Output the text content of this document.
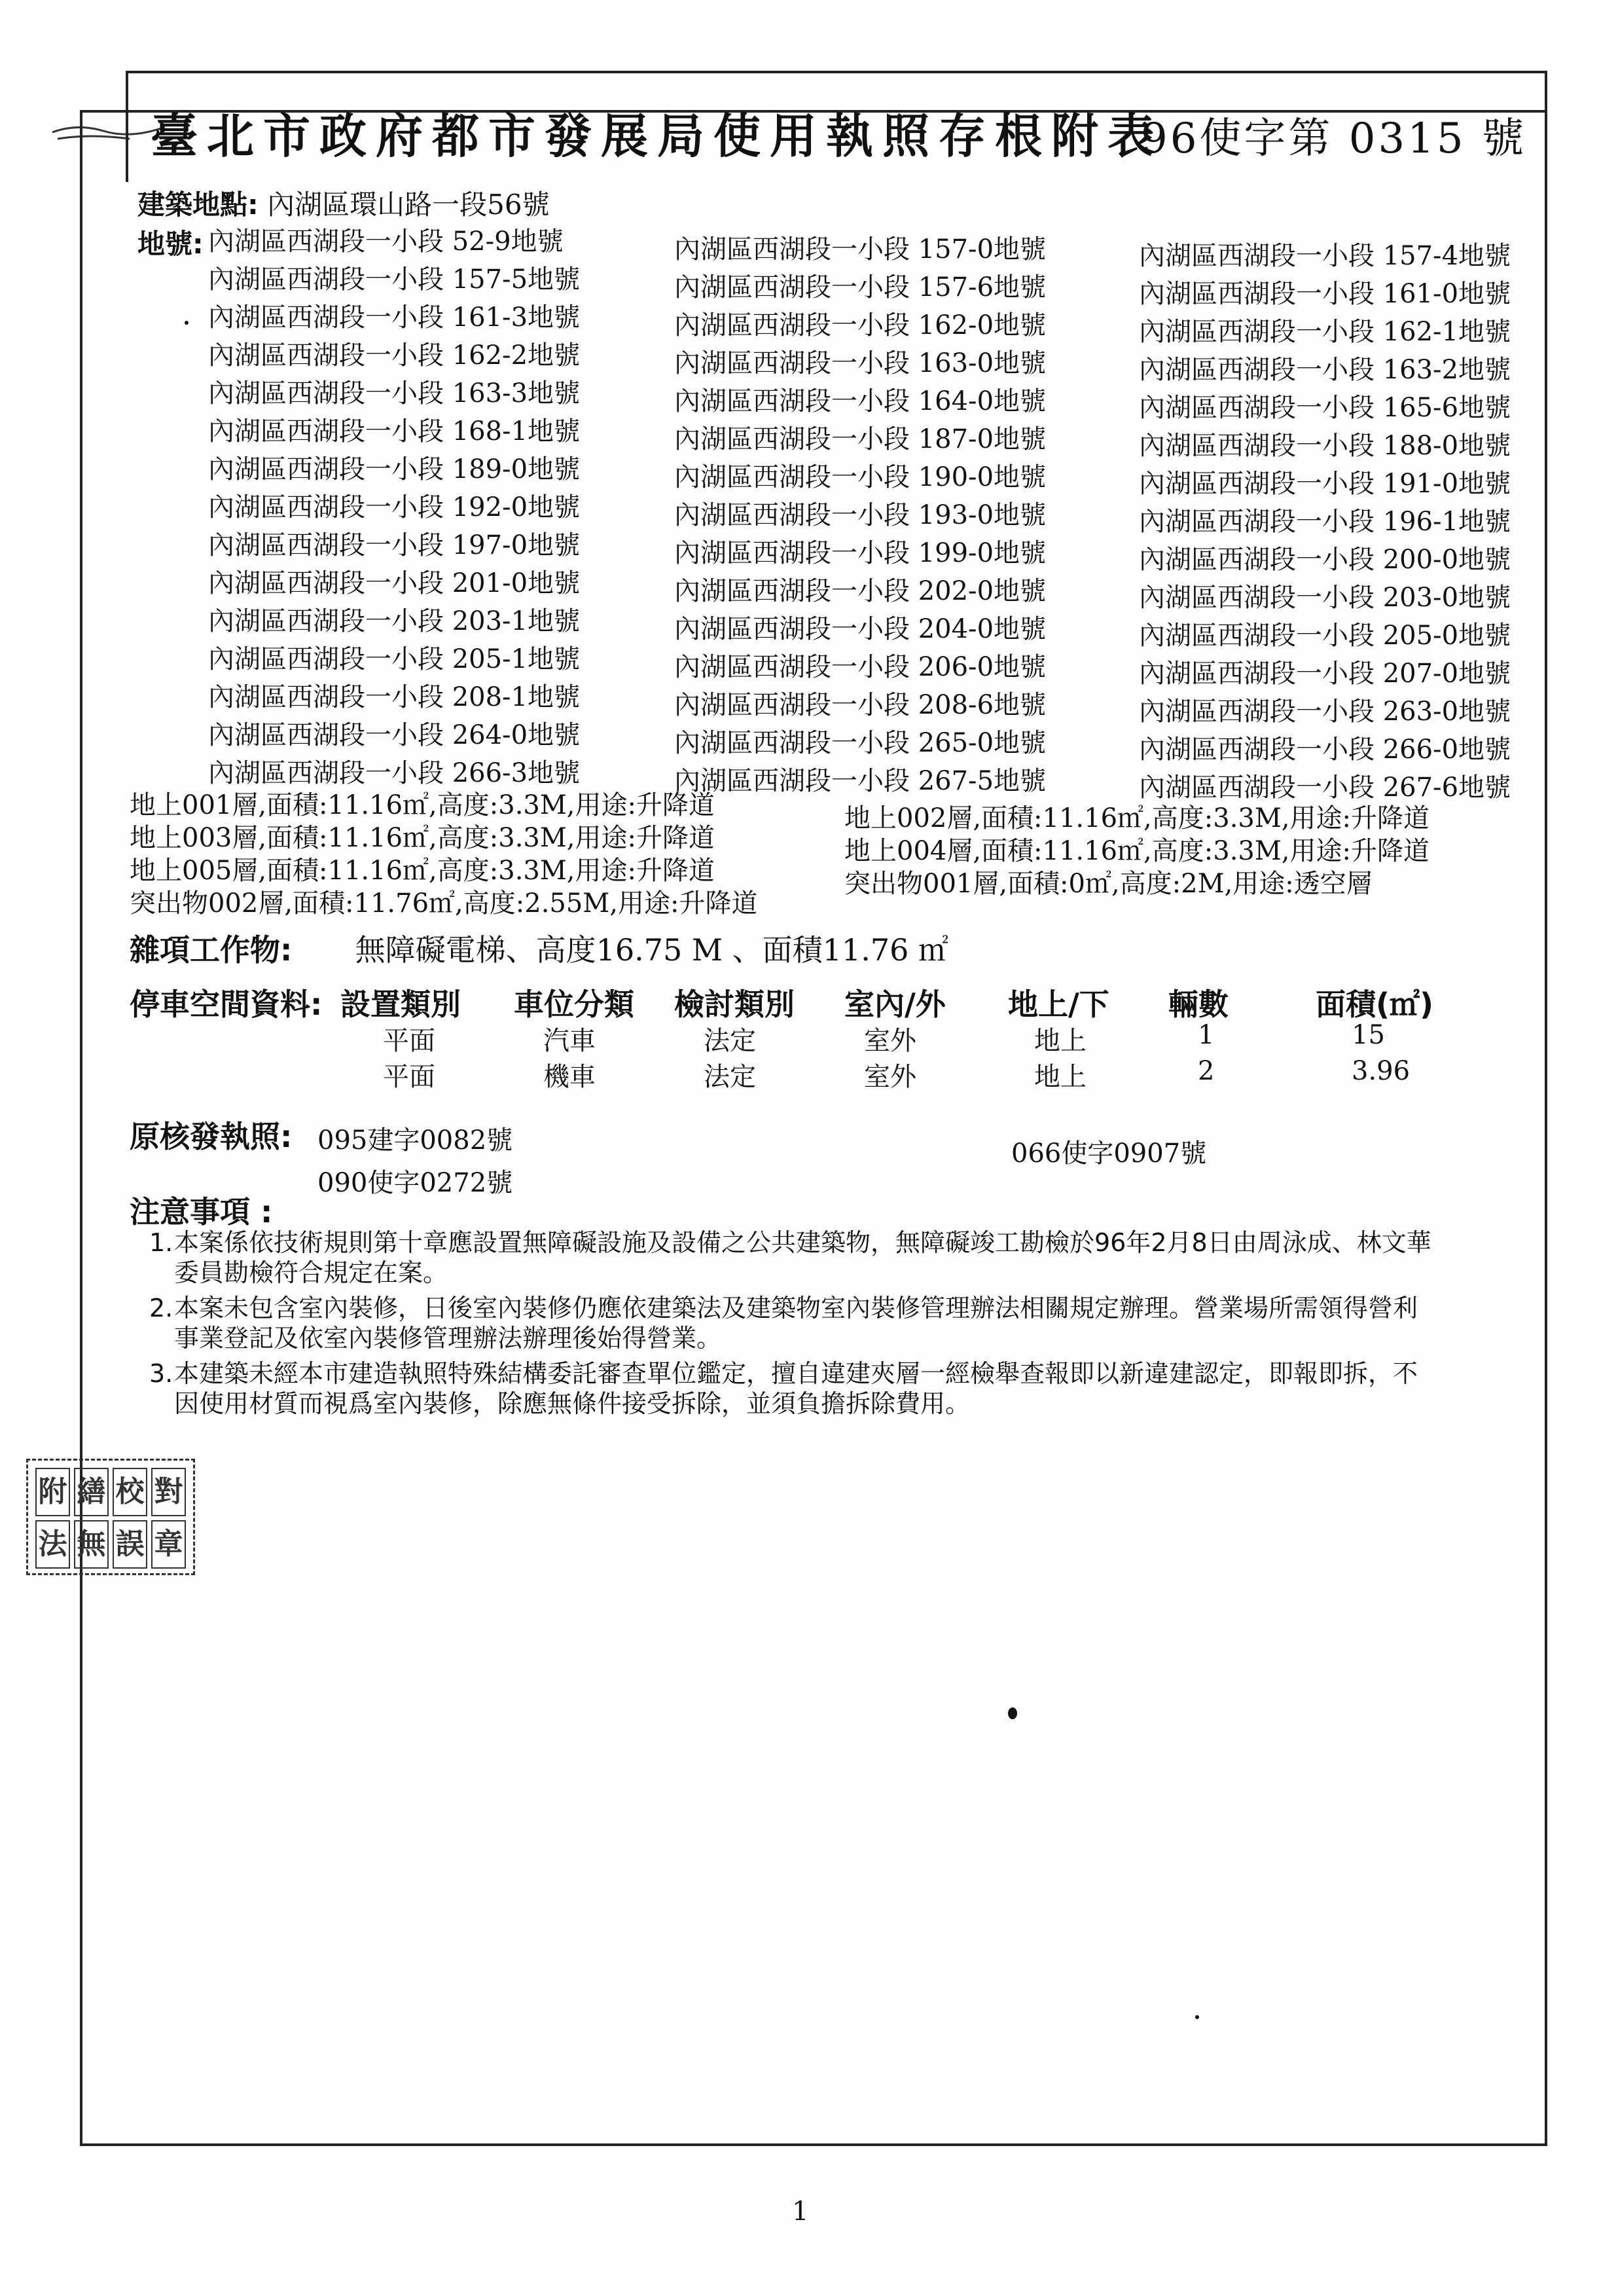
臺北市政府都市發展局使用執照存根附表
96使字第 0315 號
建築地點: 內湖區環山路一段56號
地號: 內湖區西湖段一小段 52-9地號
內湖區西湖段一小段 157-5地號
內湖區西湖段一小段 161-3地號
內湖區西湖段一小段 162-2地號
內湖區西湖段一小段 163-3地號
內湖區西湖段一小段 168-1地號
內湖區西湖段一小段 189-0地號
內湖區西湖段一小段 192-0地號
內湖區西湖段一小段 197-0地號
內湖區西湖段一小段 201-0地號
內湖區西湖段一小段 203-1地號
內湖區西湖段一小段 205-1地號
內湖區西湖段一小段 208-1地號
內湖區西湖段一小段 264-0地號
內湖區西湖段一小段 266-3地號
內湖區西湖段一小段 157-0地號
內湖區西湖段一小段 157-6地號
內湖區西湖段一小段 162-0地號
內湖區西湖段一小段 163-0地號
內湖區西湖段一小段 164-0地號
內湖區西湖段一小段 187-0地號
內湖區西湖段一小段 190-0地號
內湖區西湖段一小段 193-0地號
內湖區西湖段一小段 199-0地號
內湖區西湖段一小段 202-0地號
內湖區西湖段一小段 204-0地號
內湖區西湖段一小段 206-0地號
內湖區西湖段一小段 208-6地號
內湖區西湖段一小段 265-0地號
內湖區西湖段一小段 267-5地號
內湖區西湖段一小段 157-4地號
內湖區西湖段一小段 161-0地號
內湖區西湖段一小段 162-1地號
內湖區西湖段一小段 163-2地號
內湖區西湖段一小段 165-6地號
內湖區西湖段一小段 188-0地號
內湖區西湖段一小段 191-0地號
內湖區西湖段一小段 196-1地號
內湖區西湖段一小段 200-0地號
內湖區西湖段一小段 203-0地號
內湖區西湖段一小段 205-0地號
內湖區西湖段一小段 207-0地號
內湖區西湖段一小段 263-0地號
內湖區西湖段一小段 266-0地號
內湖區西湖段一小段 267-6地號
地上001層,面積:11.16㎡,高度:3.3M,用途:升降道
地上003層,面積:11.16㎡,高度:3.3M,用途:升降道
地上005層,面積:11.16㎡,高度:3.3M,用途:升降道
突出物002層,面積:11.76㎡,高度:2.55M,用途:升降道
地上002層,面積:11.16㎡,高度:3.3M,用途:升降道
地上004層,面積:11.16㎡,高度:3.3M,用途:升降道
突出物001層,面積:0㎡,高度:2M,用途:透空層
雜項工作物: 無障礙電梯、高度16.75 M 、面積11.76 ㎡
停車空間資料: 設置類別 車位分類 檢討類別 室內/外 地上/下 輛數	面積(㎡)
平面	汽車	法定	室外	地上	1	15
平面	機車	法定	室外	地上	2	3.96
原核發執照: 095建字0082號
090使字0272號
066使字0907號
注意事項 :
1.本案係依技術規則第十章應設置無障礙設施及設備之公共建築物，無障礙竣工勘檢於96年2月8日由周泳成、林文華
委員勘檢符合規定在案。
2.本案未包含室內裝修，日後室內裝修仍應依建築法及建築物室內裝修管理辦法相關規定辦理。營業場所需領得營利
事業登記及依室內裝修管理辦法辦理後始得營業。
3.本建築未經本市建造執照特殊結構委託審查單位鑑定，擅自違建夾層一經檢舉查報即以新違建認定，即報即拆，不
因使用材質而視爲室內裝修，除應無條件接受拆除，並須負擔拆除費用。
附 繕 校 對
法 無 誤 章
1
